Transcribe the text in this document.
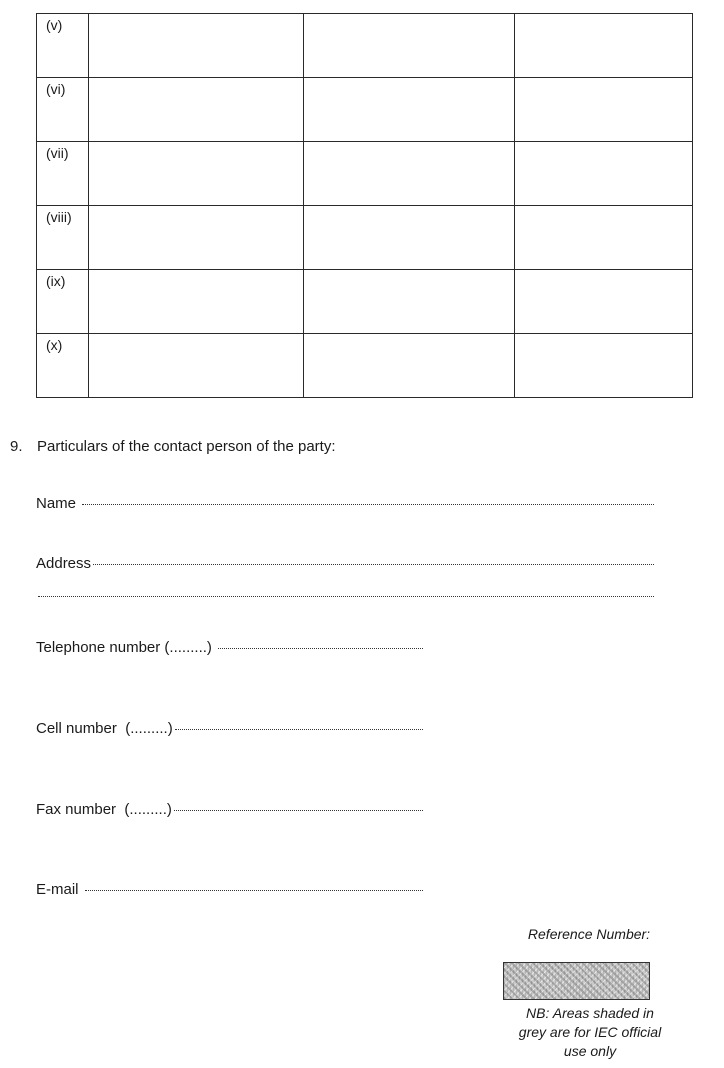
(v)			
(vi)			
(vii)			
(viii)			
(ix)			
(x)			
9. Particulars of the contact person of the party:
Name
Address
Telephone number (.........)
Cell number  (.........)
Fax number  (.........)
E-mail
Reference Number:
NB: Areas shaded in
grey are for IEC official
use only
